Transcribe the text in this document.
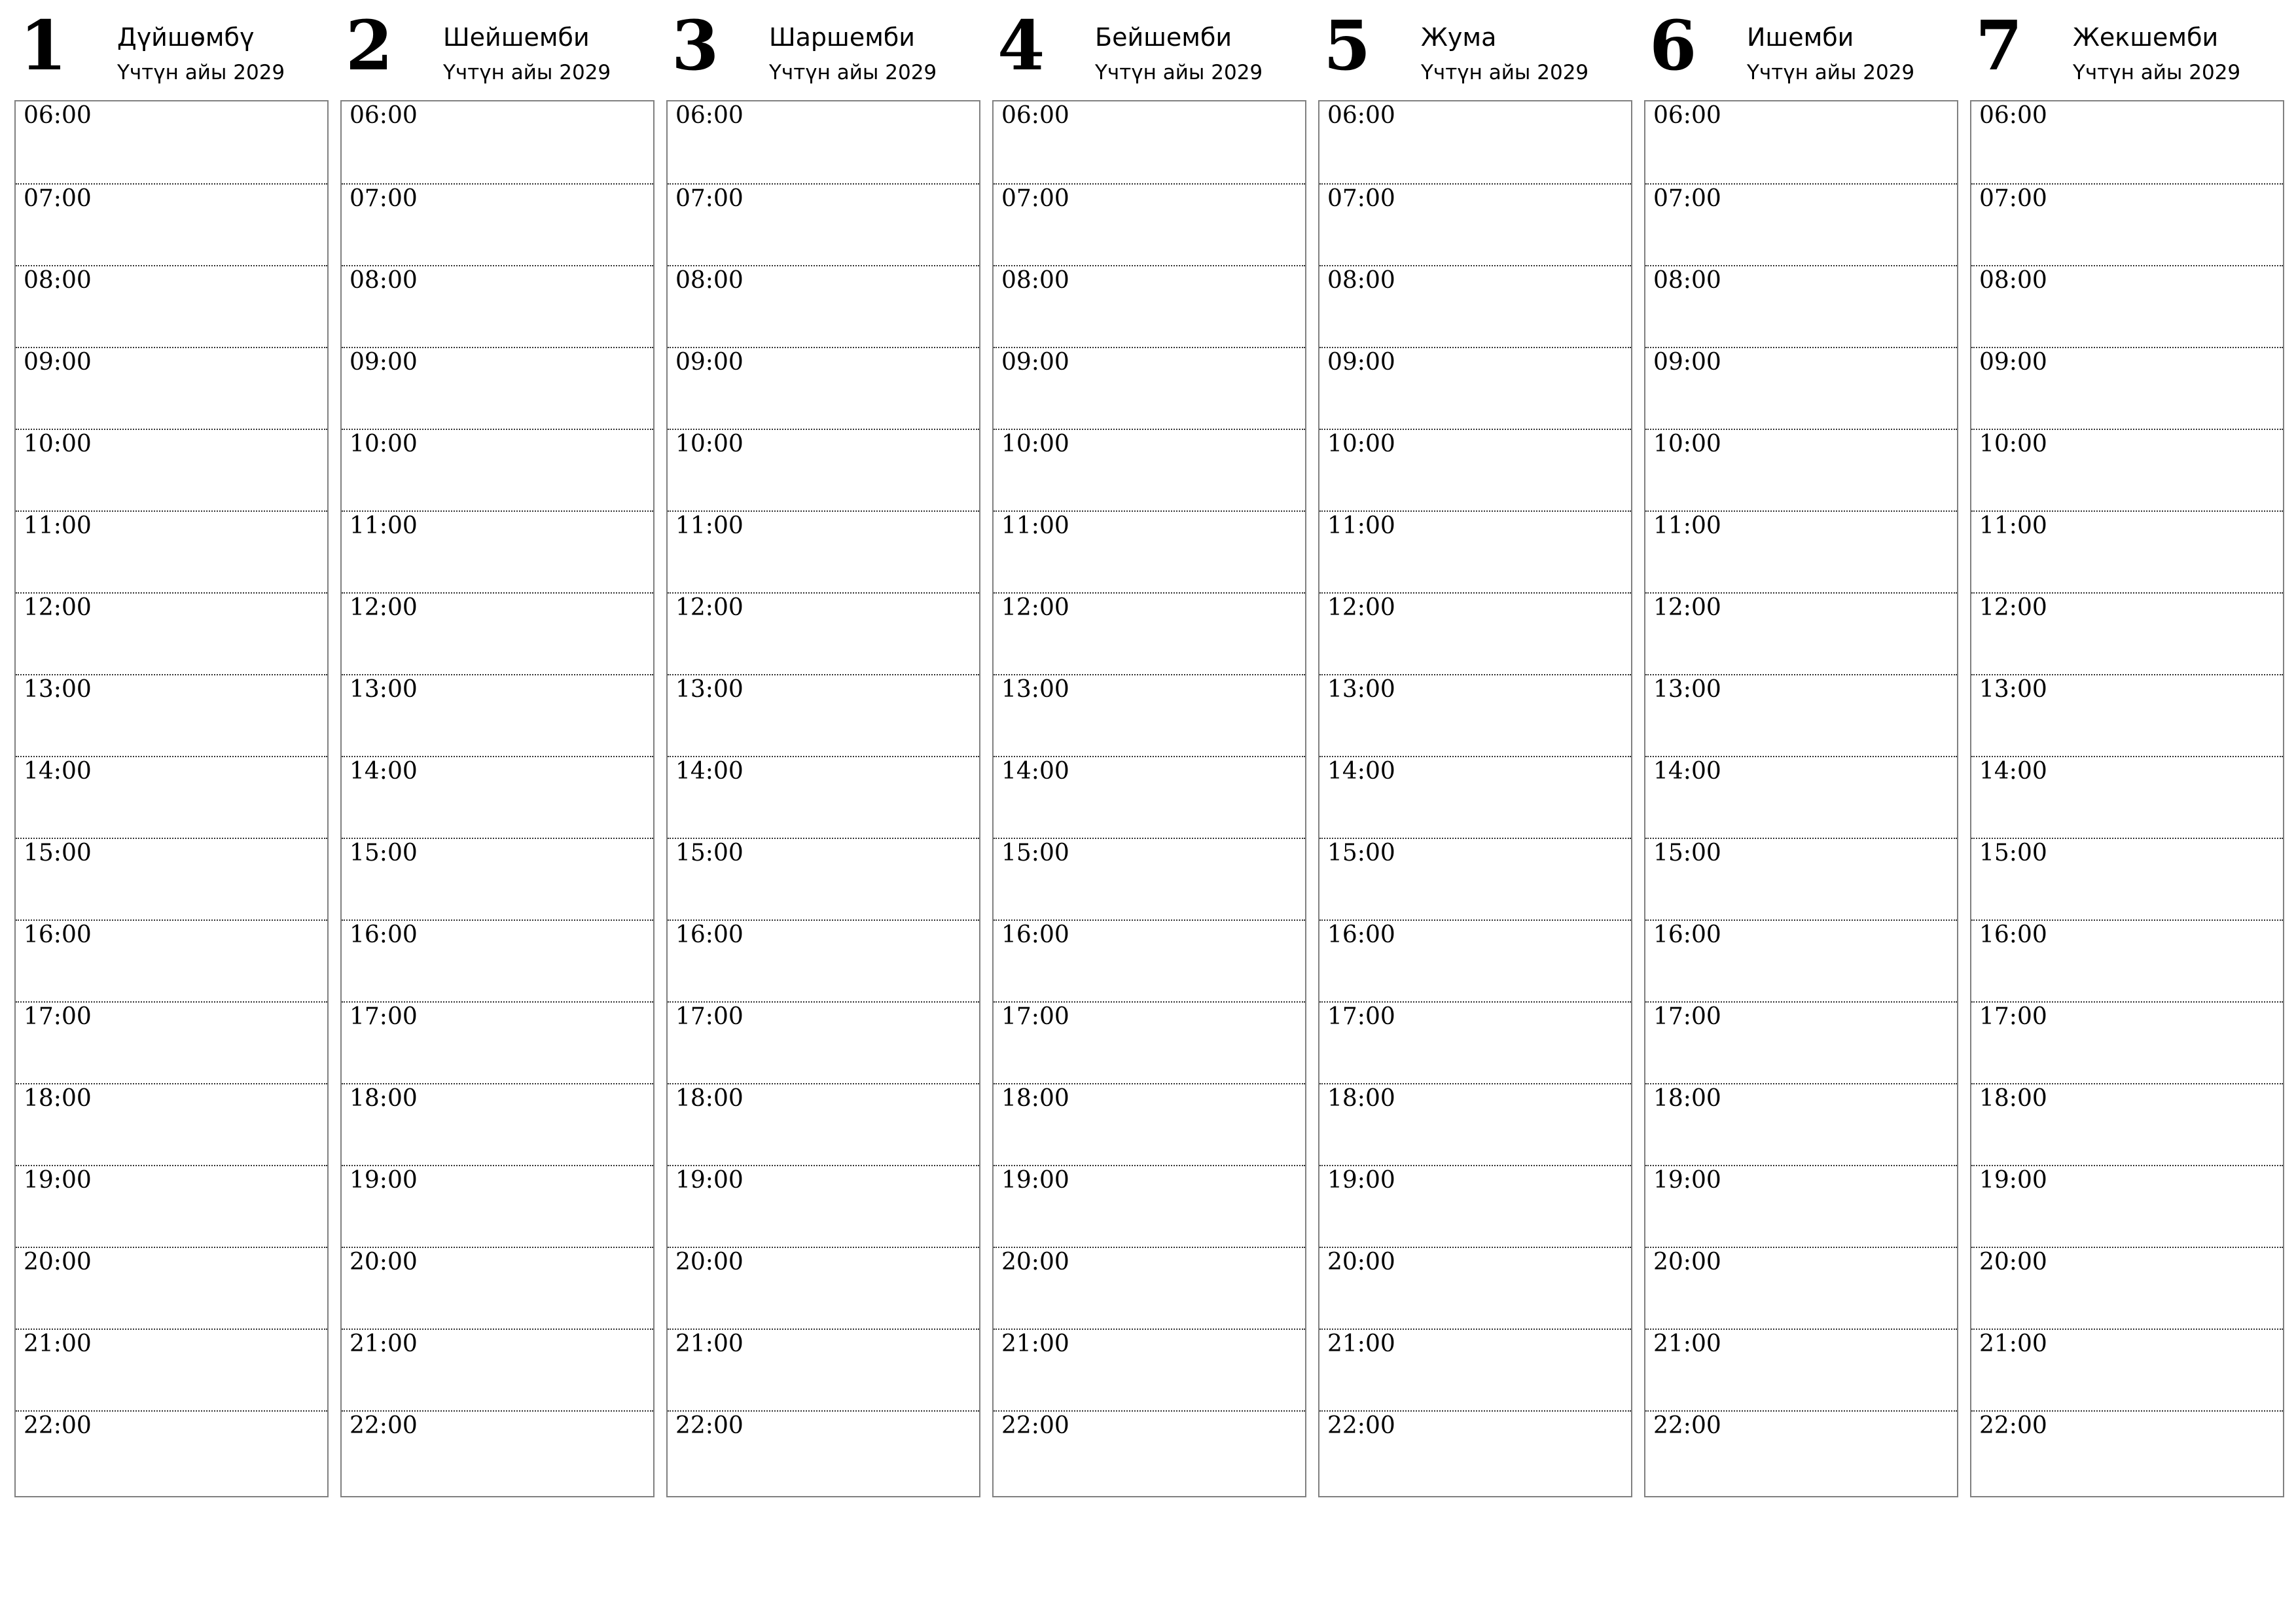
1 Дүйшөмбү
Үчтүн айы 2029
06:00
07:00
08:00
09:00
10:00
11:00
12:00
13:00
14:00
15:00
16:00
17:00
18:00
19:00
20:00
21:00
22:00
2 Шейшемби
Үчтүн айы 2029
06:00
07:00
08:00
09:00
10:00
11:00
12:00
13:00
14:00
15:00
16:00
17:00
18:00
19:00
20:00
21:00
22:00
3 Шаршемби
Үчтүн айы 2029
06:00
07:00
08:00
09:00
10:00
11:00
12:00
13:00
14:00
15:00
16:00
17:00
18:00
19:00
20:00
21:00
22:00
4 Бейшемби
Үчтүн айы 2029
06:00
07:00
08:00
09:00
10:00
11:00
12:00
13:00
14:00
15:00
16:00
17:00
18:00
19:00
20:00
21:00
22:00
5 Жума
Үчтүн айы 2029
06:00
07:00
08:00
09:00
10:00
11:00
12:00
13:00
14:00
15:00
16:00
17:00
18:00
19:00
20:00
21:00
22:00
6 Ишемби
Үчтүн айы 2029
06:00
07:00
08:00
09:00
10:00
11:00
12:00
13:00
14:00
15:00
16:00
17:00
18:00
19:00
20:00
21:00
22:00
7 Жекшемби
Үчтүн айы 2029
06:00
07:00
08:00
09:00
10:00
11:00
12:00
13:00
14:00
15:00
16:00
17:00
18:00
19:00
20:00
21:00
22:00
